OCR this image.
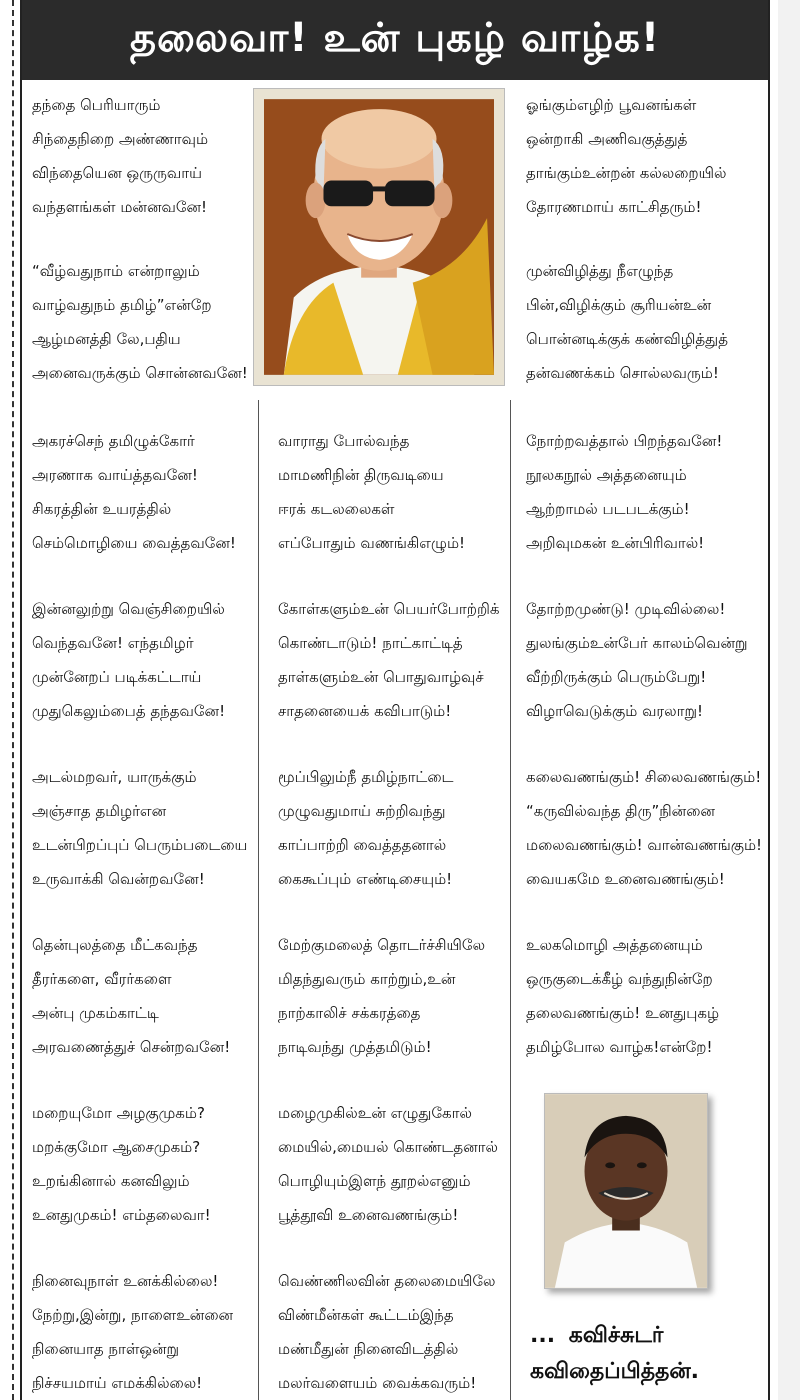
தலைவா! உன் புகழ் வாழ்க!
தந்தை பெரியாரும்
சிந்தைநிறை அண்ணாவும்
விந்தையென ஒருருவாய்
வந்தளங்கள் மன்னவனே!
“வீழ்வதுநாம் என்றாலும்
வாழ்வதுநம் தமிழ்”என்றே
ஆழ்மனத்தி லே,பதிய
அனைவருக்கும் சொன்னவனே!
அகரச்செந் தமிழுக்கோர்
அரணாக வாய்த்தவனே!
சிகரத்தின் உயரத்தில்
செம்மொழியை வைத்தவனே!
இன்னலுற்று வெஞ்சிறையில்
வெந்தவனே! எந்தமிழர்
முன்னேறப் படிக்கட்டாய்
முதுகெலும்பைத் தந்தவனே!
அடல்மறவர், யாருக்கும்
அஞ்சாத தமிழர்என
உடன்பிறப்புப் பெரும்படையை
உருவாக்கி வென்றவனே!
தென்புலத்தை மீட்கவந்த
தீரர்களை, வீரர்களை
அன்பு முகம்காட்டி
அரவணைத்துச் சென்றவனே!
மறையுமோ அழகுமுகம்?
மறக்குமோ ஆசைமுகம்?
உறங்கினால் கனவிலும்
உனதுமுகம்! எம்தலைவா!
நினைவுநாள் உனக்கில்லை!
நேற்று,இன்று, நாளைஉன்னை
நினையாத நாள்ஒன்று
நிச்சயமாய் எமக்கில்லை!
வாராது போல்வந்த
மாமணிநின் திருவடியை
ஈரக் கடலலைகள்
எப்போதும் வணங்கிஎழும்!
கோள்களும்உன் பெயர்போற்றிக்
கொண்டாடும்! நாட்காட்டித்
தாள்களும்உன் பொதுவாழ்வுச்
சாதனையைக் கவிபாடும்!
மூப்பிலும்நீ தமிழ்நாட்டை
முழுவதுமாய் சுற்றிவந்து
காப்பாற்றி வைத்ததனால்
கைகூப்பும் எண்டிசையும்!
மேற்குமலைத் தொடர்ச்சியிலே
மிதந்துவரும் காற்றும்,உன்
நாற்காலிச் சக்கரத்தை
நாடிவந்து முத்தமிடும்!
மழைமுகில்உன் எழுதுகோல்
மையில்,மையல் கொண்டதனால்
பொழியும்இளந் தூறல்எனும்
பூத்தூவி உனைவணங்கும்!
வெண்ணிலவின் தலைமையிலே
விண்மீன்கள் கூட்டம்இந்த
மண்மீதுன் நினைவிடத்தில்
மலர்வளையம் வைக்கவரும்!
ஓங்கும்எழிற் பூவனங்கள்
ஒன்றாகி அணிவகுத்துத்
தாங்கும்உன்றன் கல்லறையில்
தோரணமாய் காட்சிதரும்!
முன்விழித்து நீஎழுந்த
பின்,விழிக்கும் சூரியன்உன்
பொன்னடிக்குக் கண்விழித்துத்
தன்வணக்கம் சொல்லவரும்!
நோற்றவத்தால் பிறந்தவனே!
நூலகநூல் அத்தனையும்
ஆற்றாமல் படபடக்கும்!
அறிவுமகன் உன்பிரிவால்!
தோற்றமுண்டு! முடிவில்லை!
துலங்கும்உன்பேர் காலம்வென்று
வீற்றிருக்கும் பெரும்பேறு!
விழாவெடுக்கும் வரலாறு!
கலைவணங்கும்! சிலைவணங்கும்!
“கருவில்வந்த திரு”நின்னை
மலைவணங்கும்! வான்வணங்கும்!
வையகமே உனைவணங்கும்!
உலகமொழி அத்தனையும்
ஒருகுடைக்கீழ் வந்துநின்றே
தலைவணங்கும்! உனதுபுகழ்
தமிழ்போல வாழ்க!என்றே!
... கவிச்சுடர்
கவிதைப்பித்தன்.
